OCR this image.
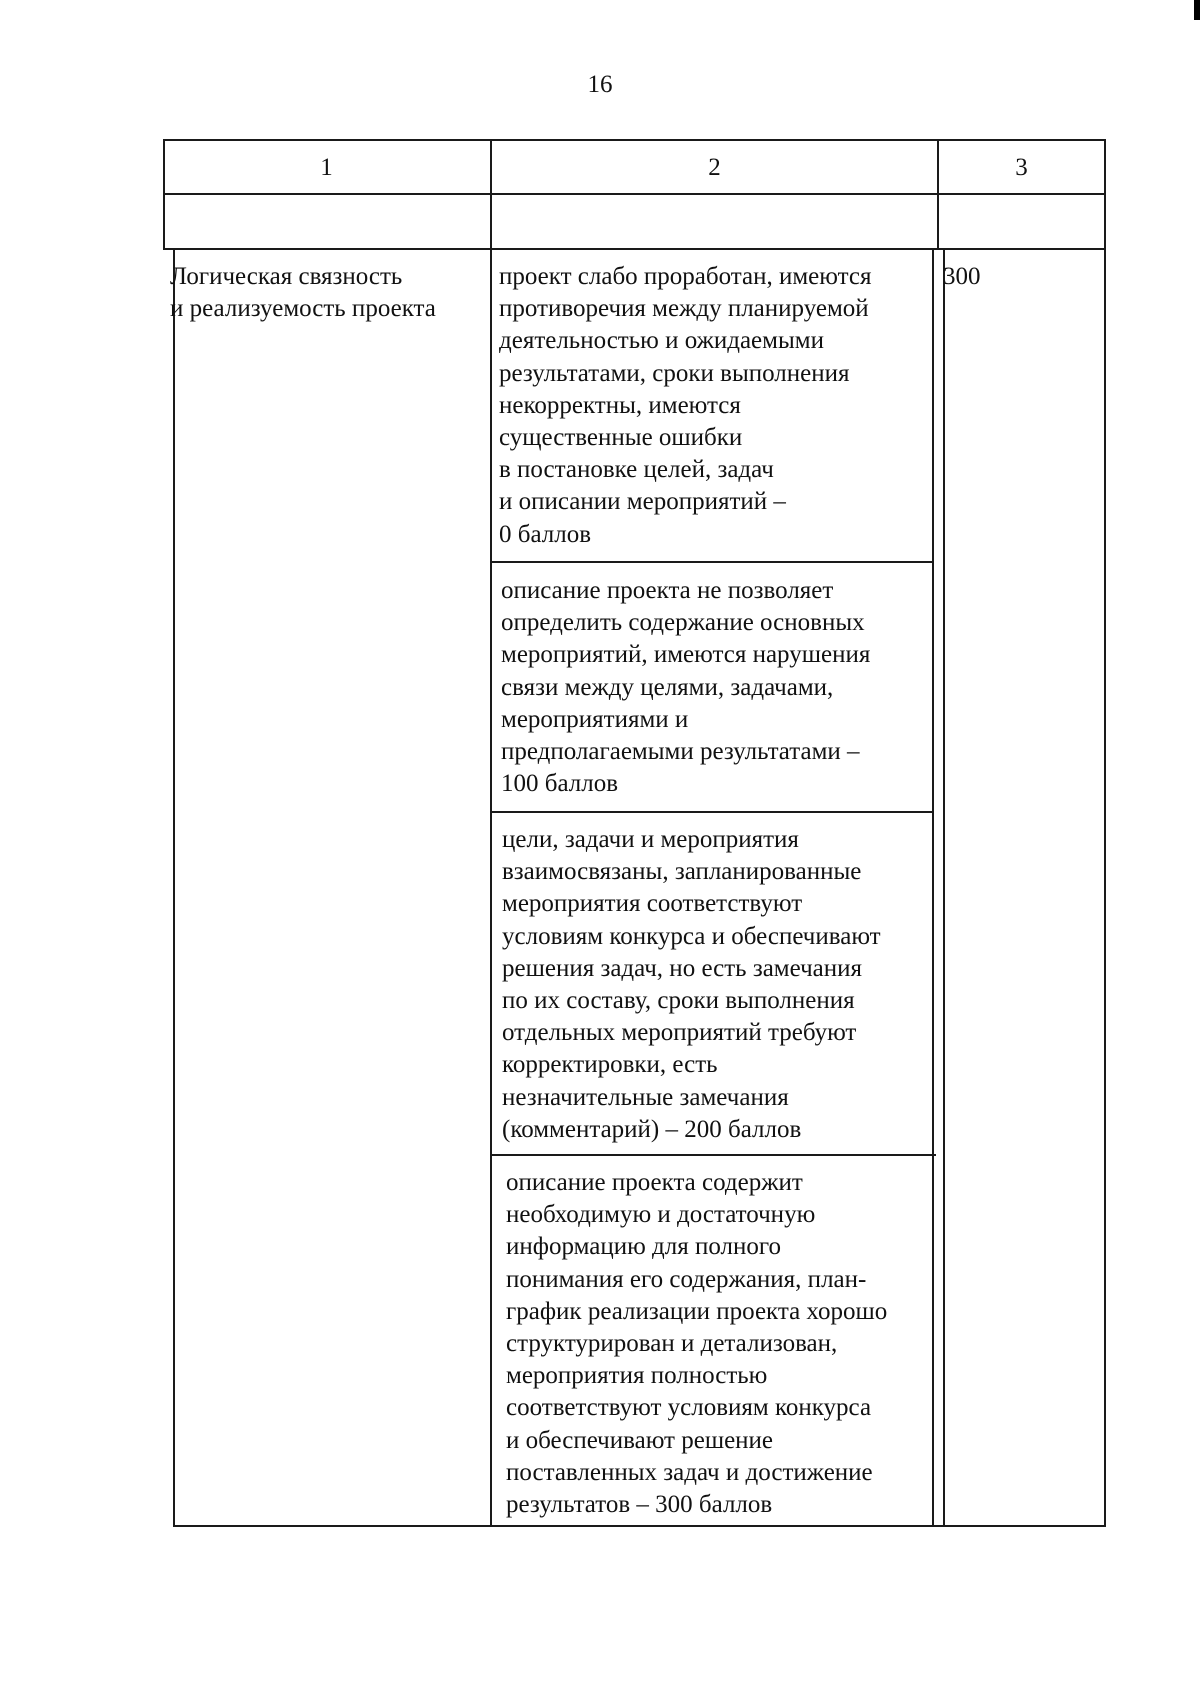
16
1	2	3
Логическая связность
и реализуемость проекта
проект слабо проработан, имеются
противоречия между планируемой
деятельностью и ожидаемыми
результатами, сроки выполнения
некорректны, имеются
существенные ошибки
в постановке целей, задач
и описании мероприятий –
0 баллов
описание проекта не позволяет
определить содержание основных
мероприятий, имеются нарушения
связи между целями, задачами,
мероприятиями и
предполагаемыми результатами –
100 баллов
цели, задачи и мероприятия
взаимосвязаны, запланированные
мероприятия соответствуют
условиям конкурса и обеспечивают
решения задач, но есть замечания
по их составу, сроки выполнения
отдельных мероприятий требуют
корректировки, есть
незначительные замечания
(комментарий) – 200 баллов
описание проекта содержит
необходимую и достаточную
информацию для полного
понимания его содержания, план-
график реализации проекта хорошо
структурирован и детализован,
мероприятия полностью
соответствуют условиям конкурса
и обеспечивают решение
поставленных задач и достижение
результатов – 300 баллов
300
